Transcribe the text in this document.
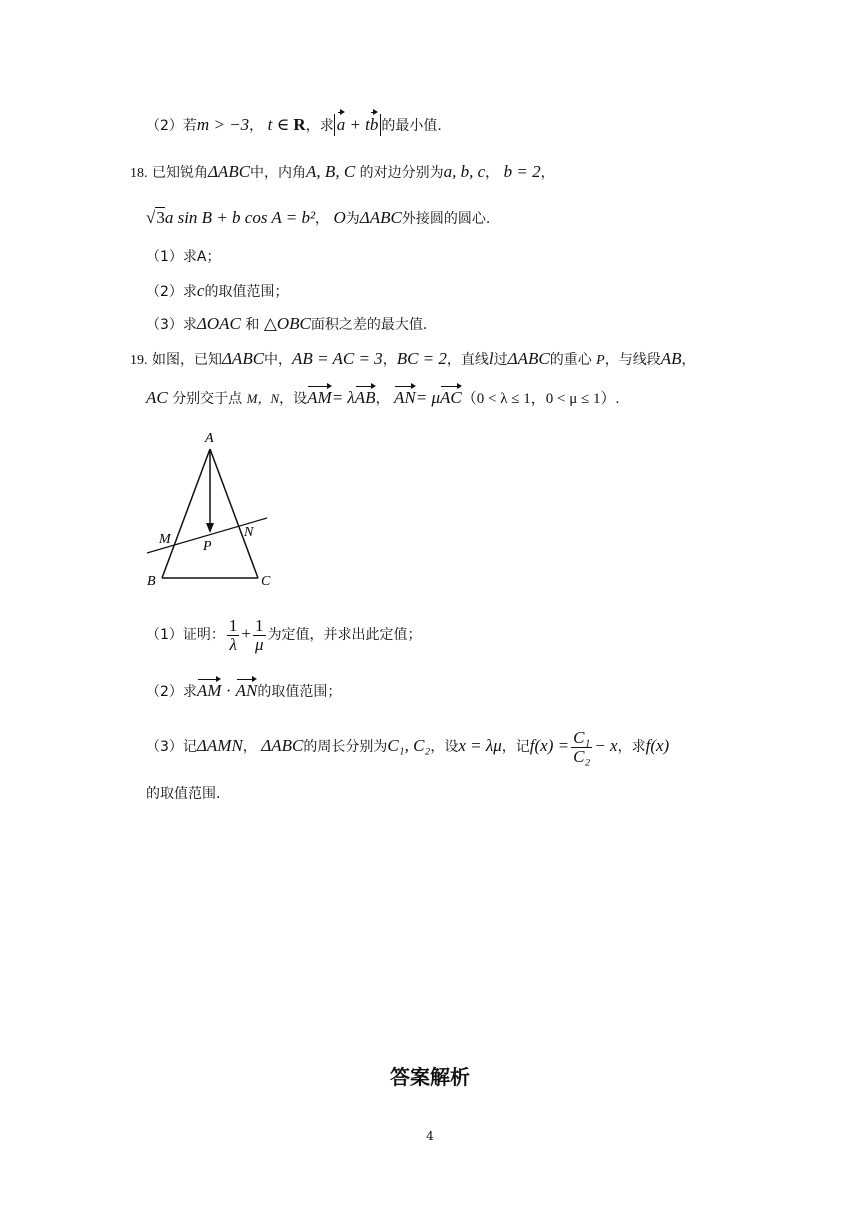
（2）若m > −3， t ∈ R，求 a + tb 的最小值.
18. 已知锐角ΔABC中，内角A, B, C 的对边分别为a, b, c， b = 2，
√3a sin B + b cos A = b²， O为ΔABC外接圆的圆心.
（1）求A；
（2）求c的取值范围；
（3）求ΔOAC 和 △OBC面积之差的最大值.
19. 如图，已知ΔABC中，AB = AC = 3，BC = 2，直线l过ΔABC的重心 P，与线段AB，
AC 分别交于点 M，N，设AM= λAB， AN= μAC（0 < λ ≤ 1，0 < μ ≤ 1）.
A
B	C
M	N
P
（1）证明： $\frac{1}{\lambda} + \frac{1}{\mu}$ 为定值，并求出此定值；
（2）求AM · AN的取值范围；
（3）记ΔAMN， ΔABC的周长分别为C₁, C₂，设x = λμ，记$f(x) = \frac{\text{C₁}}{\text{C₂}} - x$，求f(x)
的取值范围.
答案解析
4
